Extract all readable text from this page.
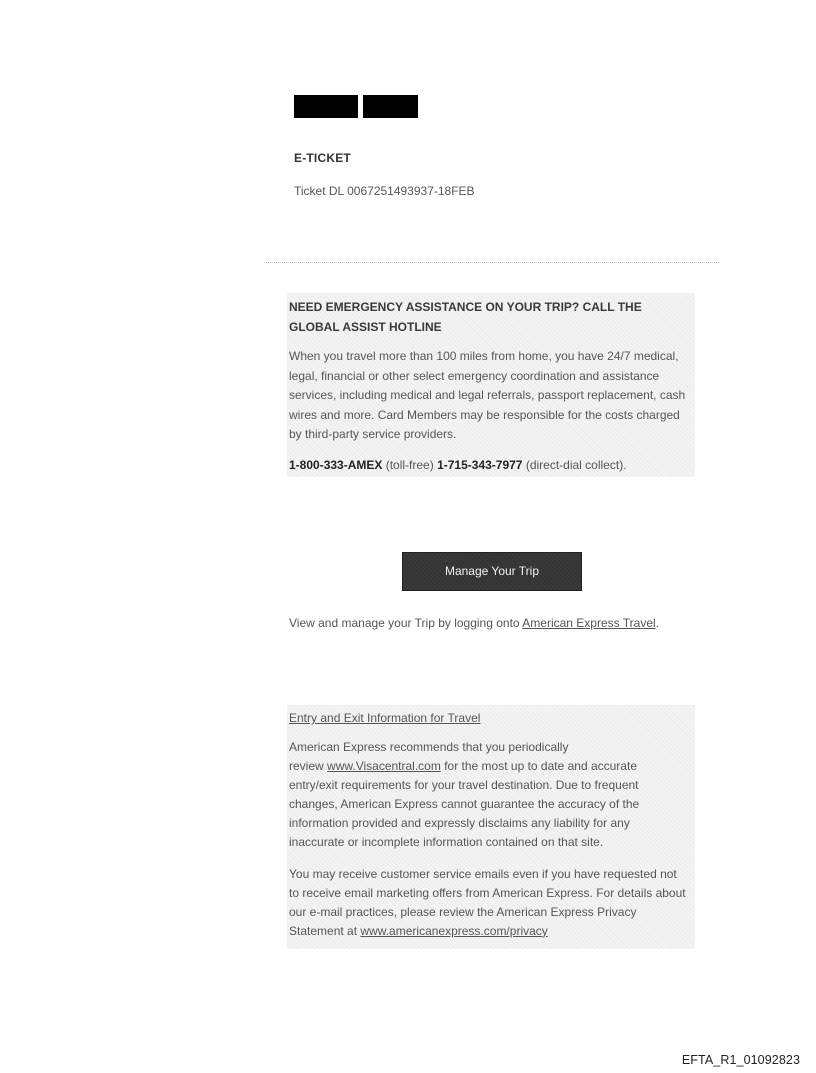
E-TICKET
Ticket DL 0067251493937-18FEB
NEED EMERGENCY ASSISTANCE ON YOUR TRIP? CALL THE
GLOBAL ASSIST HOTLINE
When you travel more than 100 miles from home, you have 24/7 medical,
legal, financial or other select emergency coordination and assistance
services, including medical and legal referrals, passport replacement, cash
wires and more. Card Members may be responsible for the costs charged
by third-party service providers.
1-800-333-AMEX (toll-free) 1-715-343-7977 (direct-dial collect).
Manage Your Trip
View and manage your Trip by logging onto American Express Travel.
Entry and Exit Information for Travel
American Express recommends that you periodically
review www.Visacentral.com for the most up to date and accurate
entry/exit requirements for your travel destination. Due to frequent
changes, American Express cannot guarantee the accuracy of the
information provided and expressly disclaims any liability for any
inaccurate or incomplete information contained on that site.
You may receive customer service emails even if you have requested not
to receive email marketing offers from American Express. For details about
our e-mail practices, please review the American Express Privacy
Statement at www.americanexpress.com/privacy
EFTA_R1_01092823
